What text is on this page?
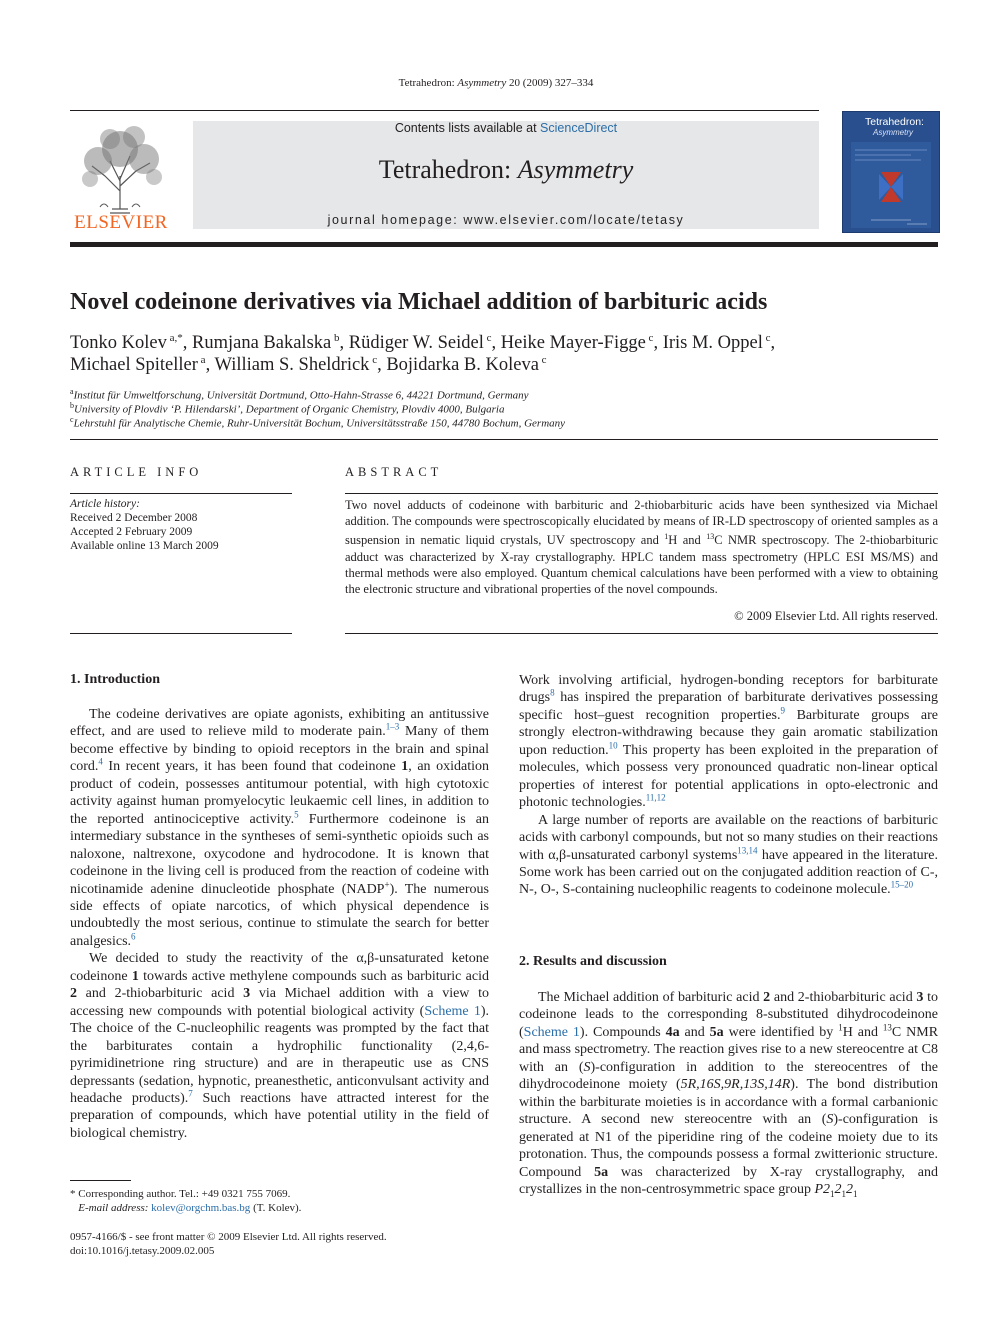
Tetrahedron: Asymmetry 20 (2009) 327–334
ELSEVIER
Contents lists available at ScienceDirect
Tetrahedron: Asymmetry
journal homepage: www.elsevier.com/locate/tetasy
Tetrahedron:
Asymmetry
Novel codeinone derivatives via Michael addition of barbituric acids
Tonko Kolev $^{a,*}$, Rumjana Bakalska $^b$, Rüdiger W. Seidel $^c$, Heike Mayer-Figge $^c$, Iris M. Oppel $^c$,
Michael Spiteller $^a$, William S. Sheldrick $^c$, Bojidarka B. Koleva $^c$
$^a$Institut für Umweltforschung, Universität Dortmund, Otto-Hahn-Strasse 6, 44221 Dortmund, Germany
$^b$University of Plovdiv ‘P. Hilendarski’, Department of Organic Chemistry, Plovdiv 4000, Bulgaria
$^c$Lehrstuhl für Analytische Chemie, Ruhr-Universität Bochum, Universitätsstraße 150, 44780 Bochum, Germany
ARTICLE INFO	ABSTRACT
Article history:
Received 2 December 2008
Accepted 2 February 2009
Available online 13 March 2009
Two novel adducts of codeinone with barbituric and 2-thiobarbituric acids have been synthesized via Michael addition. The compounds were spectroscopically elucidated by means of IR-LD spectroscopy of oriented samples as a suspension in nematic liquid crystals, UV spectroscopy and $^1$H and $^{13}$C NMR spectroscopy. The 2-thiobarbituric adduct was characterized by X-ray crystallography. HPLC tandem mass spectrometry (HPLC ESI MS/MS) and thermal methods were also employed. Quantum chemical calculations have been performed with a view to obtaining the electronic structure and vibrational properties of the novel compounds.
© 2009 Elsevier Ltd. All rights reserved.
1. Introduction

The codeine derivatives are opiate agonists, exhibiting an antitussive effect, and are used to relieve mild to moderate pain.$^{1-3}$ Many of them become effective by binding to opioid receptors in the brain and spinal cord.$^4$ In recent years, it has been found that codeinone 1, an oxidation product of codein, possesses antitumour potential, with high cytotoxic activity against human promyelocytic leukaemic cell lines, in addition to the reported antinociceptive activity.$^5$ Furthermore codeinone is an intermediary substance in the syntheses of semi-synthetic opioids such as naloxone, naltrexone, oxycodone and hydrocodone. It is known that codeinone in the living cell is produced from the reaction of codeine with nicotinamide adenine dinucleotide phosphate (NADP+). The numerous side effects of opiate narcotics, of which physical dependence is undoubtedly the most serious, continue to stimulate the search for better analgesics.$^6$

We decided to study the reactivity of the α,β-unsaturated ketone codeinone 1 towards active methylene compounds such as barbituric acid 2 and 2-thiobarbituric acid 3 via Michael addition with a view to accessing new compounds with potential biological activity (Scheme 1). The choice of the C-nucleophilic reagents was prompted by the fact that the barbiturates contain a hydrophilic functionality (2,4,6-pyrimidinetrione ring structure) and are in therapeutic use as CNS depressants (sedation, hypnotic, preanesthetic, anticonvulsant activity and headache products).$^7$ Such reactions have attracted interest for the preparation of compounds, which have potential utility in the field of biological chemistry.

Work involving artificial, hydrogen-bonding receptors for barbiturate drugs$^8$ has inspired the preparation of barbiturate derivatives possessing specific host–guest recognition properties.$^9$ Barbiturate groups are strongly electron-withdrawing because they gain aromatic stabilization upon reduction.$^{10}$ This property has been exploited in the preparation of molecules, which possess very pronounced quadratic non-linear optical properties of interest for potential applications in opto-electronic and photonic technologies.$^{11,12}$

A large number of reports are available on the reactions of barbituric acids with carbonyl compounds, but not so many studies on their reactions with α,β-unsaturated carbonyl systems$^{13,14}$ have appeared in the literature. Some work has been carried out on the conjugated addition reaction of C-, N-, O-, S-containing nucleophilic reagents to codeinone molecule.$^{15-20}$

2. Results and discussion

The Michael addition of barbituric acid 2 and 2-thiobarbituric acid 3 to codeinone leads to the corresponding 8-substituted dihydrocodeinone (Scheme 1). Compounds 4a and 5a were identified by $^1$H and $^{13}$C NMR and mass spectrometry. The reaction gives rise to a new stereocentre at C8 with an (S)-configuration in addition to the stereocentres of the dihydrocodeinone moiety (5R,16S,9R,13S,14R). The bond distribution within the barbiturate moieties is in accordance with a formal carbanionic structure. A second new stereocentre with an (S)-configuration is generated at N1 of the piperidine ring of the codeine moiety due to its protonation. Thus, the compounds possess a formal zwitterionic structure. Compound 5a was characterized by X-ray crystallography, and crystallizes in the non-centrosymmetric space group $P2_12_12_1$

* Corresponding author. Tel.: +49 0321 755 7069.
E-mail address: kolev@orgchm.bas.bg (T. Kolev).
0957-4166/$ - see front matter © 2009 Elsevier Ltd. All rights reserved.
doi:10.1016/j.tetasy.2009.02.005
